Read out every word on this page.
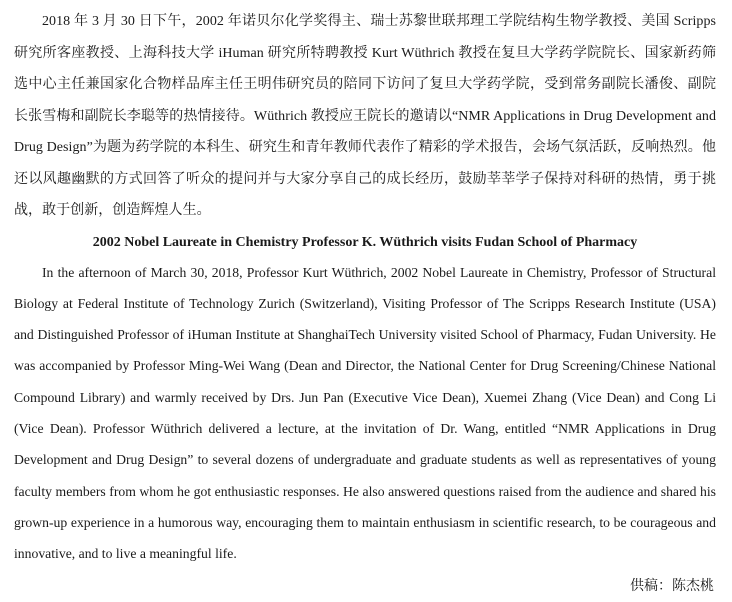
2018 年 3 月 30 日下午，2002 年诺贝尔化学奖得主、瑞士苏黎世联邦理工学院结构生物学教授、美国 Scripps 研究所客座教授、上海科技大学 iHuman 研究所特聘教授 Kurt Wüthrich 教授在复旦大学药学院院长、国家新药筛选中心主任兼国家化合物样品库主任王明伟研究员的陪同下访问了复旦大学药学院，受到常务副院长潘俊、副院长张雪梅和副院长李聪等的热情接待。Wüthrich 教授应王院长的邀请以“NMR Applications in Drug Development and Drug Design”为题为药学院的本科生、研究生和青年教师代表作了精彩的学术报告，会场气氛活跃，反响热烈。他还以风趣幽默的方式回答了听众的提问并与大家分享自己的成长经历，鼓励莘莘学子保持对科研的热情，勇于挑战，敢于创新，创造辉煌人生。

2002 Nobel Laureate in Chemistry Professor K. Wüthrich visits Fudan School of Pharmacy

In the afternoon of March 30, 2018, Professor Kurt Wüthrich, 2002 Nobel Laureate in Chemistry, Professor of Structural Biology at Federal Institute of Technology Zurich (Switzerland), Visiting Professor of The Scripps Research Institute (USA) and Distinguished Professor of iHuman Institute at ShanghaiTech University visited School of Pharmacy, Fudan University. He was accompanied by Professor Ming-Wei Wang (Dean and Director, the National Center for Drug Screening/Chinese National Compound Library) and warmly received by Drs. Jun Pan (Executive Vice Dean), Xuemei Zhang (Vice Dean) and Cong Li (Vice Dean). Professor Wüthrich delivered a lecture, at the invitation of Dr. Wang, entitled “NMR Applications in Drug Development and Drug Design” to several dozens of undergraduate and graduate students as well as representatives of young faculty members from whom he got enthusiastic responses. He also answered questions raised from the audience and shared his grown-up experience in a humorous way, encouraging them to maintain enthusiasm in scientific research, to be courageous and innovative, and to live a meaningful life.

供稿：陈杰桃
